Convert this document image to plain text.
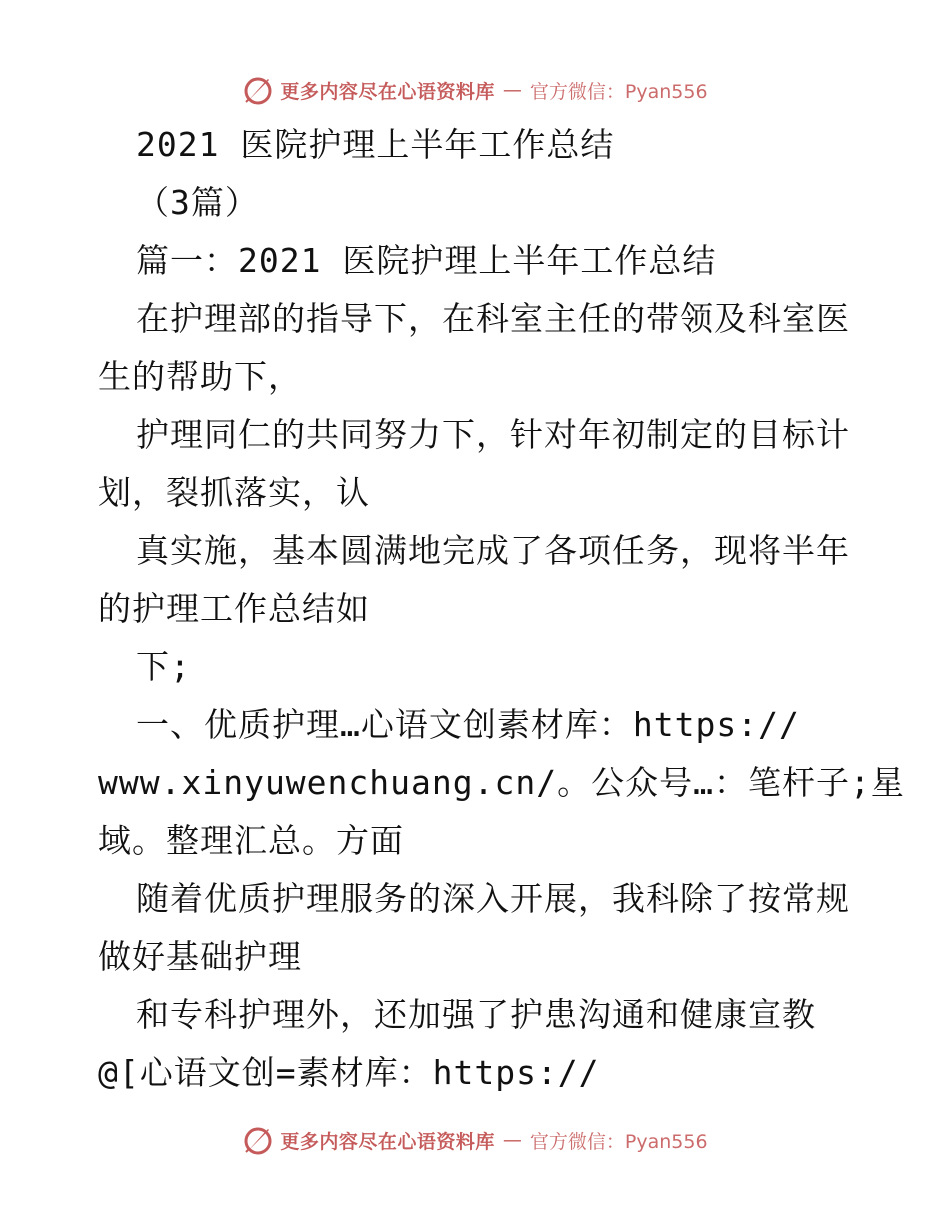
更多内容尽在心语资料库 — 官方微信：Pyan556

2021 医院护理上半年工作总结

（3篇）

篇一：2021 医院护理上半年工作总结

在护理部的指导下，在科室主任的带领及科室医

生的帮助下，

护理同仁的共同努力下，针对年初制定的目标计

划，裂抓落实，认

真实施，基本圆满地完成了各项任务，现将半年

的护理工作总结如

下;

一、优质护理…心语文创素材库：https://

www.xinyuwenchuang.cn/。公众号…：笔杆子;星

域。整理汇总。方面

随着优质护理服务的深入开展，我科除了按常规

做好基础护理

和专科护理外，还加强了护患沟通和健康宣教

@[心语文创=素材库：https://

更多内容尽在心语资料库 — 官方微信：Pyan556
